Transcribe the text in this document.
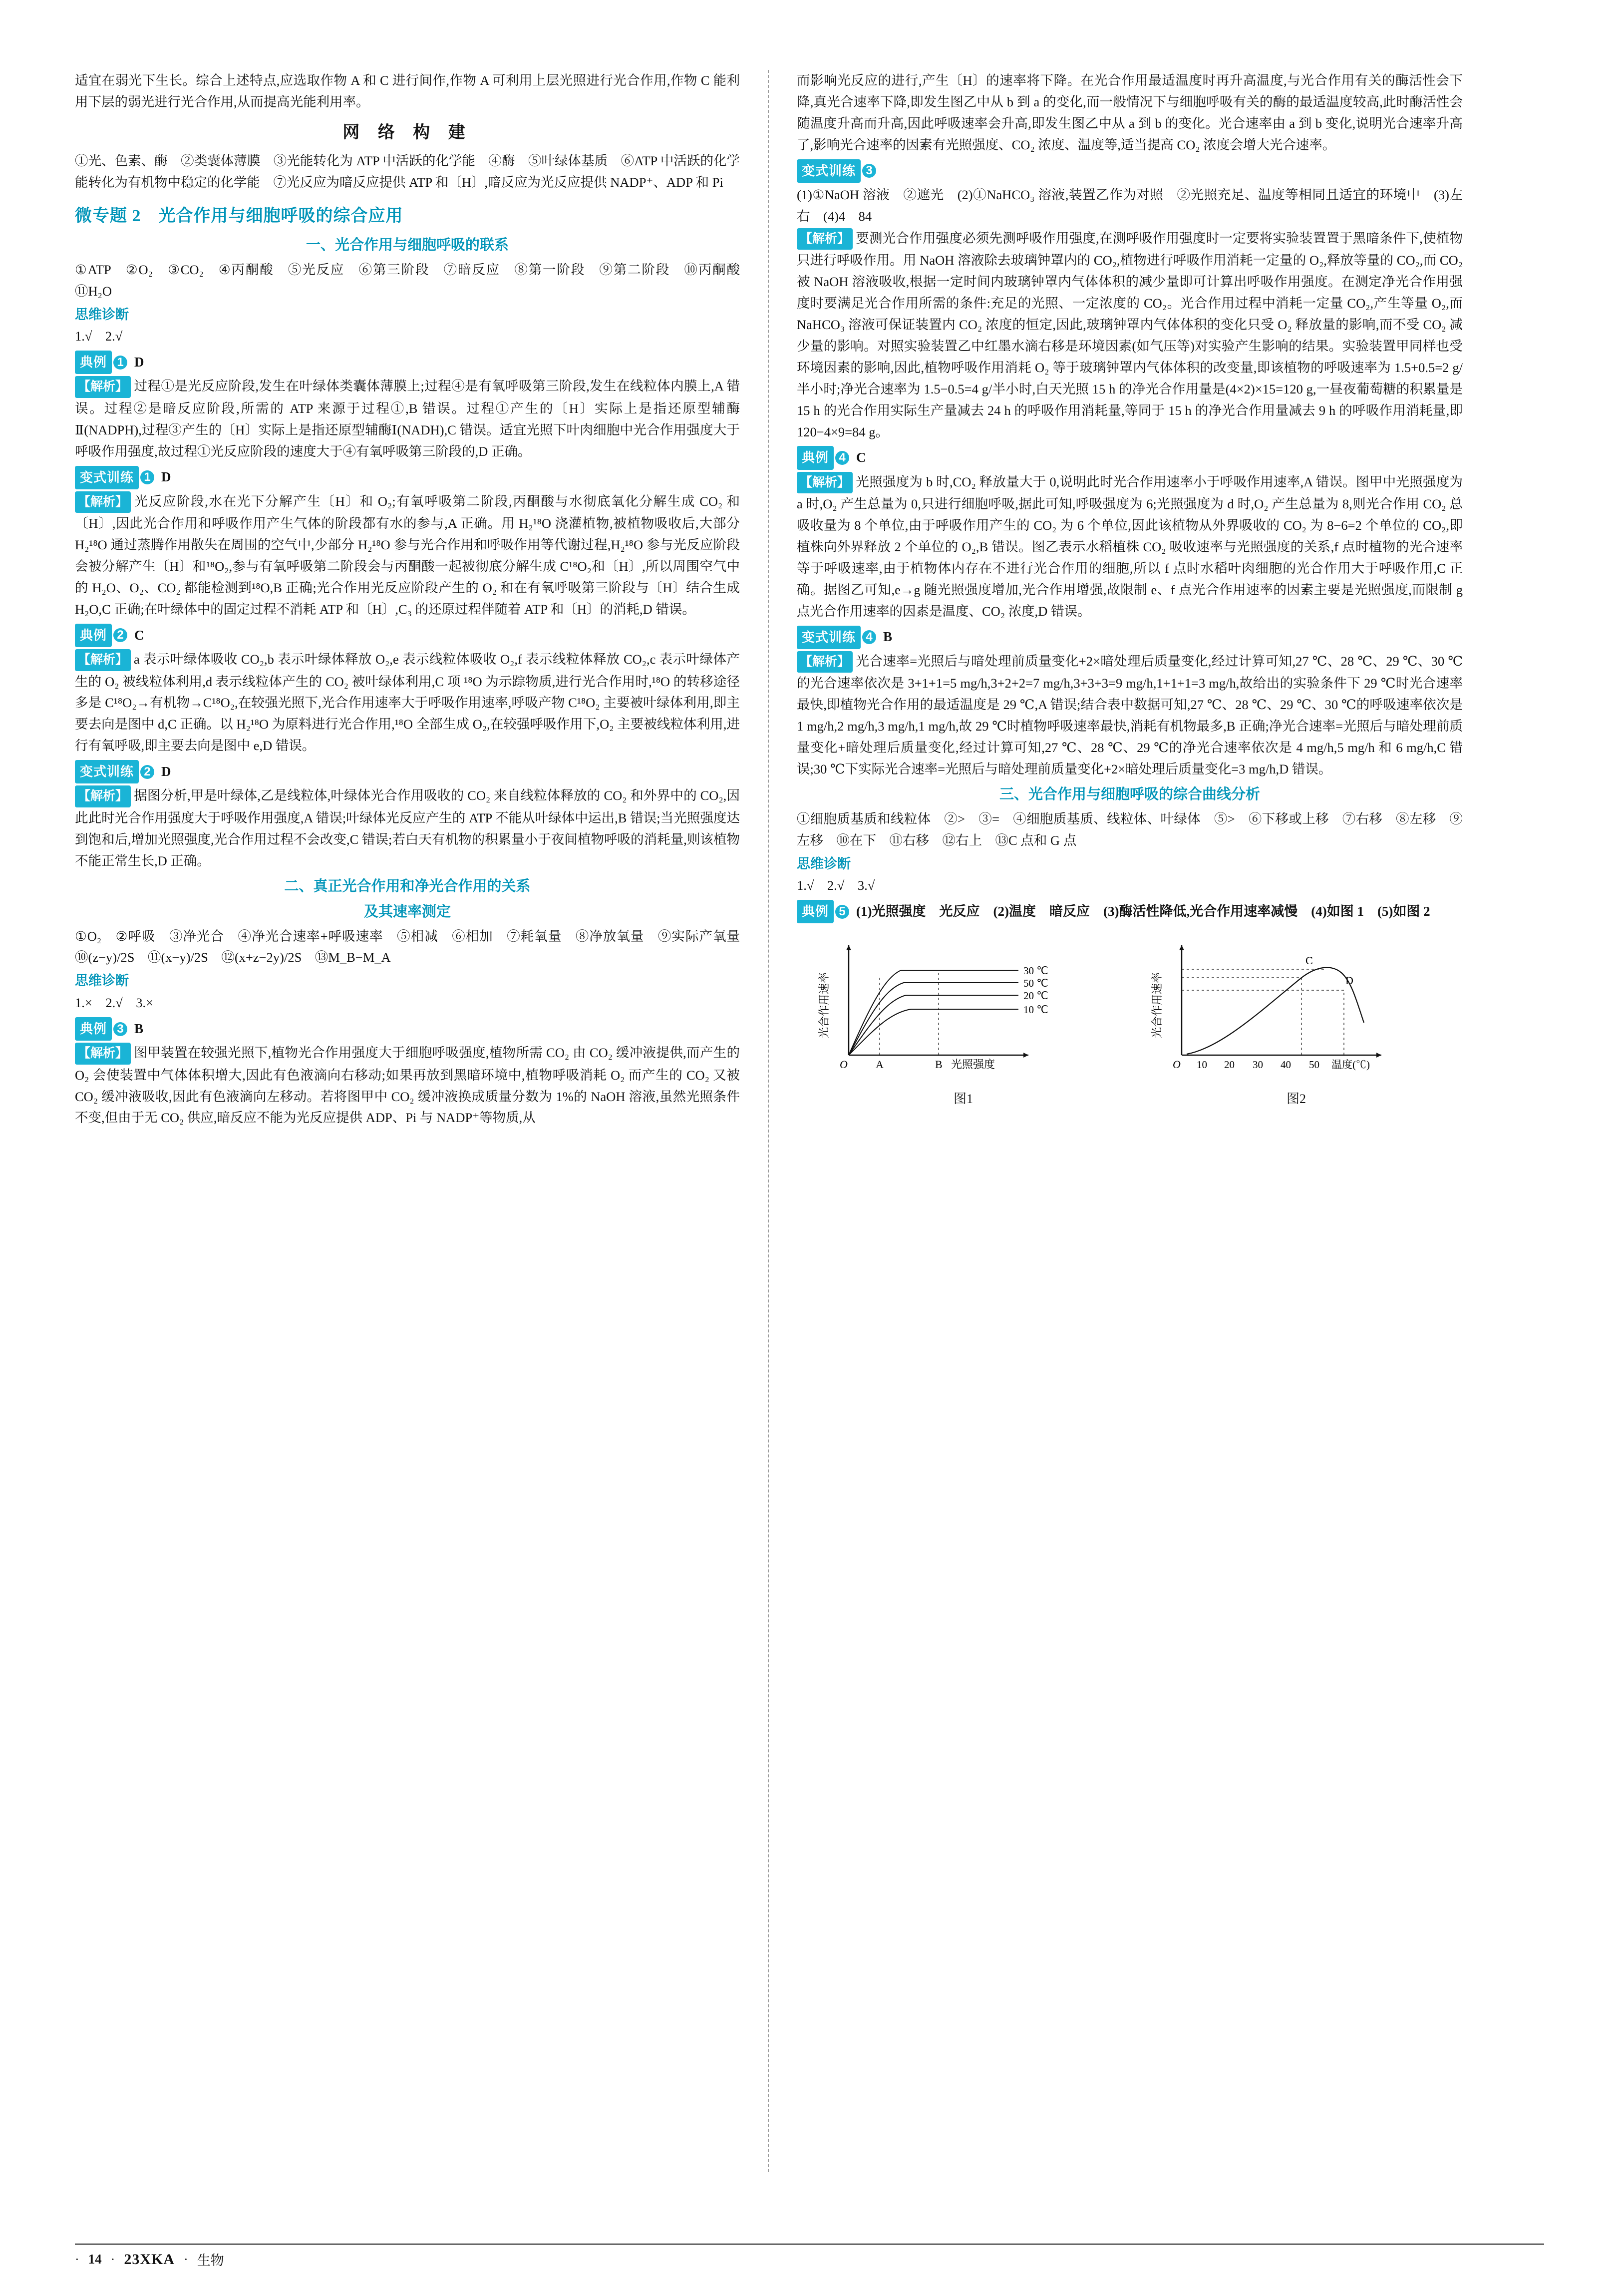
适宜在弱光下生长。综合上述特点,应选取作物 A 和 C 进行间作,作物 A 可利用上层光照进行光合作用,作物 C 能利用下层的弱光进行光合作用,从而提高光能利用率。

网 络 构 建

①光、色素、酶　②类囊体薄膜　③光能转化为 ATP 中活跃的化学能　④酶　⑤叶绿体基质　⑥ATP 中活跃的化学能转化为有机物中稳定的化学能　⑦光反应为暗反应提供 ATP 和〔H〕,暗反应为光反应提供 NADP⁺、ADP 和 Pi

微专题 2　光合作用与细胞呼吸的综合应用
一、光合作用与细胞呼吸的联系

①ATP　②O₂　③CO₂　④丙酮酸　⑤光反应　⑥第三阶段　⑦暗反应　⑧第一阶段　⑨第二阶段　⑩丙酮酸　⑪H₂O

思维诊断

1.√　2.√

典例 1 D

【解析】 过程①是光反应阶段,发生在叶绿体类囊体薄膜上;过程④是有氧呼吸第三阶段,发生在线粒体内膜上,A 错误。过程②是暗反应阶段,所需的 ATP 来源于过程①,B 错误。过程①产生的〔H〕实际上是指还原型辅酶Ⅱ(NADPH),过程③产生的〔H〕实际上是指还原型辅酶Ⅰ(NADH),C 错误。适宜光照下叶肉细胞中光合作用强度大于呼吸作用强度,故过程①光反应阶段的速度大于④有氧呼吸第三阶段的,D 正确。

变式训练 1 D

【解析】 光反应阶段,水在光下分解产生〔H〕和 O₂;有氧呼吸第二阶段,丙酮酸与水彻底氧化分解生成 CO₂ 和〔H〕,因此光合作用和呼吸作用产生气体的阶段都有水的参与,A 正确。用 H₂¹⁸O 浇灌植物,被植物吸收后,大部分 H₂¹⁸O 通过蒸腾作用散失在周围的空气中,少部分 H₂¹⁸O 参与光合作用和呼吸作用等代谢过程,H₂¹⁸O 参与光反应阶段会被分解产生〔H〕和¹⁸O₂,参与有氧呼吸第二阶段会与丙酮酸一起被彻底分解生成 C¹⁸O₂和〔H〕,所以周围空气中的 H₂O、O₂、CO₂ 都能检测到¹⁸O,B 正确;光合作用光反应阶段产生的 O₂ 和在有氧呼吸第三阶段与〔H〕结合生成 H₂O,C 正确;在叶绿体中的固定过程不消耗 ATP 和〔H〕,C₃ 的还原过程伴随着 ATP 和〔H〕的消耗,D 错误。

典例 2 C

【解析】 a 表示叶绿体吸收 CO₂,b 表示叶绿体释放 O₂,e 表示线粒体吸收 O₂,f 表示线粒体释放 CO₂,c 表示叶绿体产生的 O₂ 被线粒体利用,d 表示线粒体产生的 CO₂ 被叶绿体利用,C 项 ¹⁸O 为示踪物质,进行光合作用时,¹⁸O 的转移途径多是 C¹⁸O₂→有机物→C¹⁸O₂,在较强光照下,光合作用速率大于呼吸作用速率,呼吸产物 C¹⁸O₂ 主要被叶绿体利用,即主要去向是图中 d,C 正确。以 H₂¹⁸O 为原料进行光合作用,¹⁸O 全部生成 O₂,在较强呼吸作用下,O₂ 主要被线粒体利用,进行有氧呼吸,即主要去向是图中 e,D 错误。

变式训练 2 D

【解析】 据图分析,甲是叶绿体,乙是线粒体,叶绿体光合作用吸收的 CO₂ 来自线粒体释放的 CO₂ 和外界中的 CO₂,因此此时光合作用强度大于呼吸作用强度,A 错误;叶绿体光反应产生的 ATP 不能从叶绿体中运出,B 错误;当光照强度达到饱和后,增加光照强度,光合作用过程不会改变,C 错误;若白天有机物的积累量小于夜间植物呼吸的消耗量,则该植物不能正常生长,D 正确。

二、真正光合作用和净光合作用的关系
及其速率测定

①O₂　②呼吸　③净光合　④净光合速率+呼吸速率　⑤相减　⑥相加　⑦耗氧量　⑧净放氧量　⑨实际产氧量　⑩(z−y)/2S　⑪(x−y)/2S　⑫(x+z−2y)/2S　⑬M_B−M_A

思维诊断

1.×　2.√　3.×

典例 3 B

【解析】 图甲装置在较强光照下,植物光合作用强度大于细胞呼吸强度,植物所需 CO₂ 由 CO₂ 缓冲液提供,而产生的 O₂ 会使装置中气体体积增大,因此有色液滴向右移动;如果再放到黑暗环境中,植物呼吸消耗 O₂ 而产生的 CO₂ 又被 CO₂ 缓冲液吸收,因此有色液滴向左移动。若将图甲中 CO₂ 缓冲液换成质量分数为 1%的 NaOH 溶液,虽然光照条件不变,但由于无 CO₂ 供应,暗反应不能为光反应提供 ADP、Pi 与 NADP⁺等物质,从

而影响光反应的进行,产生〔H〕的速率将下降。在光合作用最适温度时再升高温度,与光合作用有关的酶活性会下降,真光合速率下降,即发生图乙中从 b 到 a 的变化,而一般情况下与细胞呼吸有关的酶的最适温度较高,此时酶活性会随温度升高而升高,因此呼吸速率会升高,即发生图乙中从 a 到 b 的变化。光合速率由 a 到 b 变化,说明光合速率升高了,影响光合速率的因素有光照强度、CO₂ 浓度、温度等,适当提高 CO₂ 浓度会增大光合速率。

变式训练 3

(1)①NaOH 溶液　②遮光　(2)①NaHCO₃ 溶液,装置乙作为对照　②光照充足、温度等相同且适宜的环境中　(3)左　右　(4)4　84

【解析】 要测光合作用强度必须先测呼吸作用强度,在测呼吸作用强度时一定要将实验装置置于黑暗条件下,使植物只进行呼吸作用。用 NaOH 溶液除去玻璃钟罩内的 CO₂,植物进行呼吸作用消耗一定量的 O₂,释放等量的 CO₂,而 CO₂ 被 NaOH 溶液吸收,根据一定时间内玻璃钟罩内气体体积的减少量即可计算出呼吸作用强度。在测定净光合作用强度时要满足光合作用所需的条件:充足的光照、一定浓度的 CO₂。光合作用过程中消耗一定量 CO₂,产生等量 O₂,而 NaHCO₃ 溶液可保证装置内 CO₂ 浓度的恒定,因此,玻璃钟罩内气体体积的变化只受 O₂ 释放量的影响,而不受 CO₂ 减少量的影响。对照实验装置乙中红墨水滴右移是环境因素(如气压等)对实验产生影响的结果。实验装置甲同样也受环境因素的影响,因此,植物呼吸作用消耗 O₂ 等于玻璃钟罩内气体体积的改变量,即该植物的呼吸速率为 1.5+0.5=2 g/半小时;净光合速率为 1.5−0.5=4 g/半小时,白天光照 15 h 的净光合作用量是(4×2)×15=120 g,一昼夜葡萄糖的积累量是 15 h 的光合作用实际生产量减去 24 h 的呼吸作用消耗量,等同于 15 h 的净光合作用量减去 9 h 的呼吸作用消耗量,即 120−4×9=84 g。

典例 4 C

【解析】 光照强度为 b 时,CO₂ 释放量大于 0,说明此时光合作用速率小于呼吸作用速率,A 错误。图甲中光照强度为 a 时,O₂ 产生总量为 0,只进行细胞呼吸,据此可知,呼吸强度为 6;光照强度为 d 时,O₂ 产生总量为 8,则光合作用 CO₂ 总吸收量为 8 个单位,由于呼吸作用产生的 CO₂ 为 6 个单位,因此该植物从外界吸收的 CO₂ 为 8−6=2 个单位的 CO₂,即植株向外界释放 2 个单位的 O₂,B 错误。图乙表示水稻植株 CO₂ 吸收速率与光照强度的关系,f 点时植物的光合速率等于呼吸速率,由于植物体内存在不进行光合作用的细胞,所以 f 点时水稻叶肉细胞的光合作用大于呼吸作用,C 正确。据图乙可知,e→g 随光照强度增加,光合作用增强,故限制 e、f 点光合作用速率的因素主要是光照强度,而限制 g 点光合作用速率的因素是温度、CO₂ 浓度,D 错误。

变式训练 4 B

【解析】 光合速率=光照后与暗处理前质量变化+2×暗处理后质量变化,经过计算可知,27 ℃、28 ℃、29 ℃、30 ℃的光合速率依次是 3+1+1=5 mg/h,3+2+2=7 mg/h,3+3+3=9 mg/h,1+1+1=3 mg/h,故给出的实验条件下 29 ℃时光合速率最快,即植物光合作用的最适温度是 29 ℃,A 错误;结合表中数据可知,27 ℃、28 ℃、29 ℃、30 ℃的呼吸速率依次是 1 mg/h,2 mg/h,3 mg/h,1 mg/h,故 29 ℃时植物呼吸速率最快,消耗有机物最多,B 正确;净光合速率=光照后与暗处理前质量变化+暗处理后质量变化,经过计算可知,27 ℃、28 ℃、29 ℃的净光合速率依次是 4 mg/h,5 mg/h 和 6 mg/h,C 错误;30 ℃下实际光合速率=光照后与暗处理前质量变化+2×暗处理后质量变化=3 mg/h,D 错误。

三、光合作用与细胞呼吸的综合曲线分析

①细胞质基质和线粒体　②>　③=　④细胞质基质、线粒体、叶绿体　⑤>　⑥下移或上移　⑦右移　⑧左移　⑨左移　⑩在下　⑪右移　⑫右上　⑬C 点和 G 点

思维诊断

1.√　2.√　3.√

典例 5 (1)光照强度　光反应　(2)温度　暗反应　(3)酶活性降低,光合作用速率减慢　(4)如图 1　(5)如图 2
光合作用速率
30 ℃
50 ℃
20 ℃
10 ℃
O	A	B 光照强度
图1
光合作用速率
C
D
O 10 20 30 40 50 温度(℃)
图2
· 14 · 23XKA · 生物
